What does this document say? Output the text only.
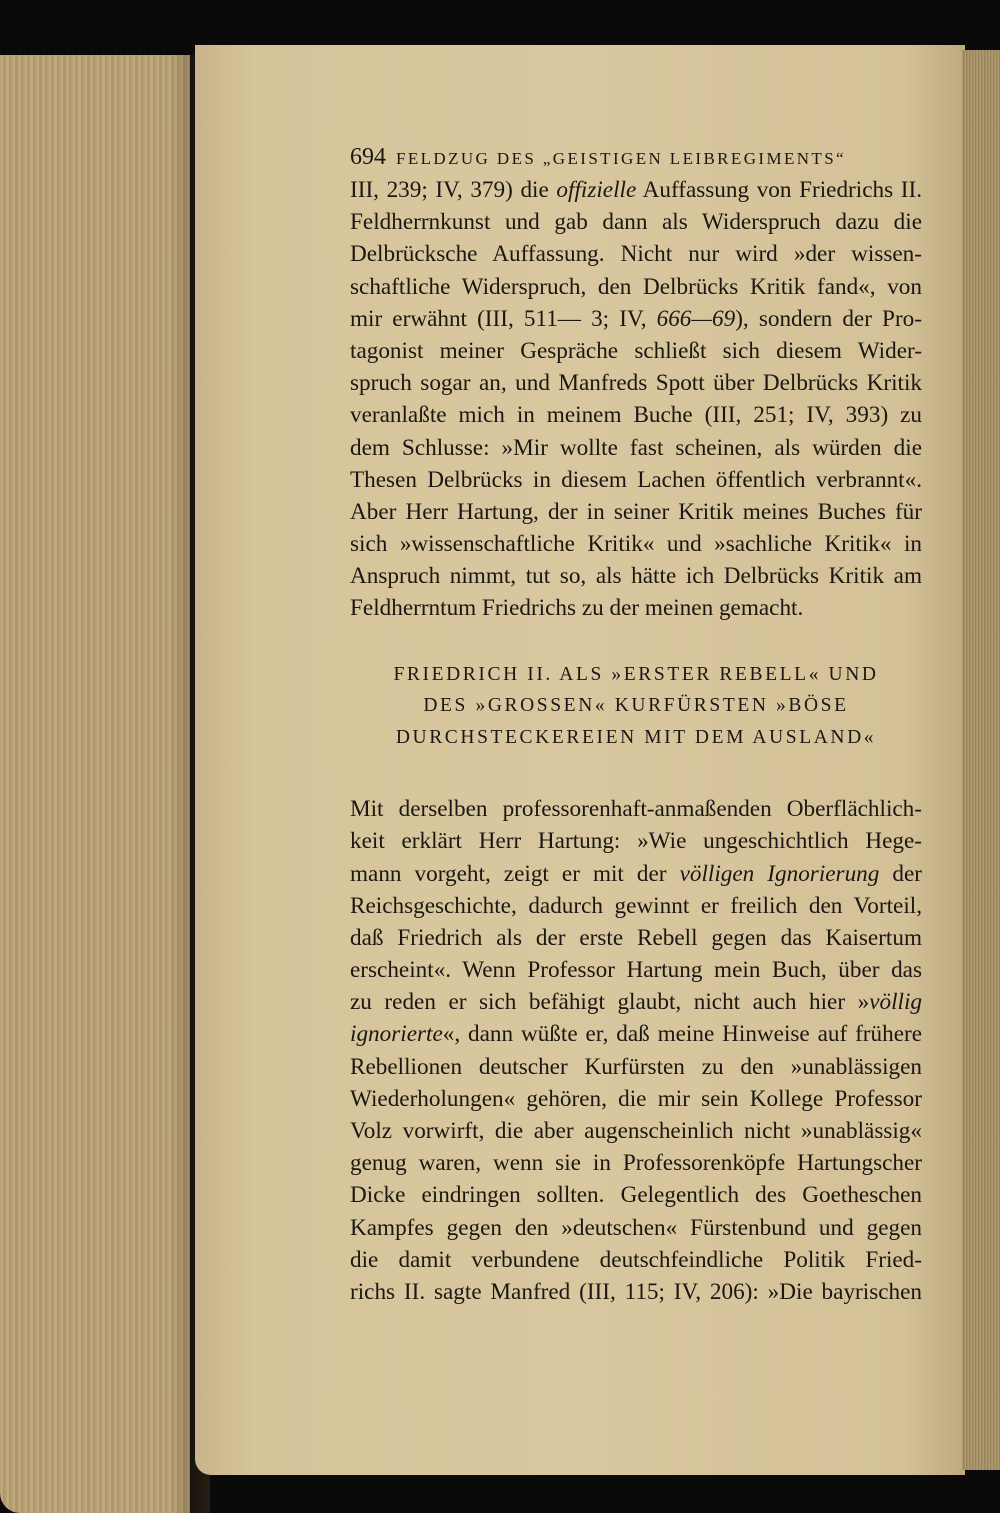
694 FELDZUG DES „GEISTIGEN LEIBREGIMENTS“
III, 239; IV, 379) die offizielle Auffassung von Friedrichs II.
Feldherrnkunst und gab dann als Widerspruch dazu die
Delbrücksche Auffassung. Nicht nur wird »der wissen-
schaftliche Widerspruch, den Delbrücks Kritik fand«, von
mir erwähnt (III, 511— 3; IV, 666—69), sondern der Pro-
tagonist meiner Gespräche schließt sich diesem Wider-
spruch sogar an, und Manfreds Spott über Delbrücks Kritik
veranlaßte mich in meinem Buche (III, 251; IV, 393) zu
dem Schlusse: »Mir wollte fast scheinen, als würden die
Thesen Delbrücks in diesem Lachen öffentlich verbrannt«.
Aber Herr Hartung, der in seiner Kritik meines Buches für
sich »wissenschaftliche Kritik« und »sachliche Kritik« in
Anspruch nimmt, tut so, als hätte ich Delbrücks Kritik am
Feldherrntum Friedrichs zu der meinen gemacht.
FRIEDRICH II. ALS »ERSTER REBELL« UND
DES »GROSSEN« KURFÜRSTEN »BÖSE
DURCHSTECKEREIEN MIT DEM AUSLAND«
Mit derselben professorenhaft-anmaßenden Oberflächlich-
keit erklärt Herr Hartung: »Wie ungeschichtlich Hege-
mann vorgeht, zeigt er mit der völligen Ignorierung der
Reichsgeschichte, dadurch gewinnt er freilich den Vorteil,
daß Friedrich als der erste Rebell gegen das Kaisertum
erscheint«. Wenn Professor Hartung mein Buch, über das
zu reden er sich befähigt glaubt, nicht auch hier »völlig
ignorierte«, dann wüßte er, daß meine Hinweise auf frühere
Rebellionen deutscher Kurfürsten zu den »unablässigen
Wiederholungen« gehören, die mir sein Kollege Professor
Volz vorwirft, die aber augenscheinlich nicht »unablässig«
genug waren, wenn sie in Professorenköpfe Hartungscher
Dicke eindringen sollten. Gelegentlich des Goetheschen
Kampfes gegen den »deutschen« Fürstenbund und gegen
die damit verbundene deutschfeindliche Politik Fried-
richs II. sagte Manfred (III, 115; IV, 206): »Die bayrischen
